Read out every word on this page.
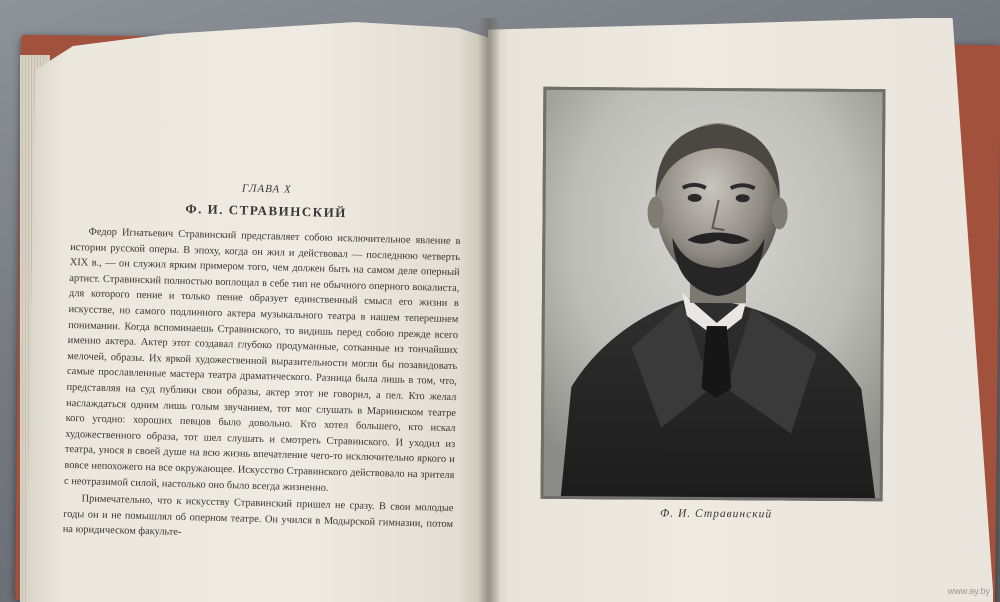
ГЛАВА X

Ф. И. СТРАВИНСКИЙ

Федор Игнатьевич Стравинский представляет собою исключительное явление в истории русской оперы. В эпоху, когда он жил и действовал — последнюю четверть XIX в., — он служил ярким примером того, чем должен быть на самом деле оперный артист. Стравинский полностью воплощал в себе тип не обычного оперного вокалиста, для которого пение и только пение образует единственный смысл его жизни в искусстве, но самого подлинного актера музыкального театра в нашем теперешнем понимании. Когда вспоминаешь Стравинского, то видишь перед собою прежде всего именно актера. Актер этот создавал глубоко продуманные, сотканные из тончайших мелочей, образы. Их яркой художественной выразительности могли бы позавидовать самые прославленные мастера театра драматического. Разница была лишь в том, что, представляя на суд публики свои образы, актер этот не говорил, а пел. Кто желал наслаждаться одним лишь голым звучанием, тот мог слушать в Мариинском театре кого угодно: хороших певцов было довольно. Кто хотел большего, кто искал художественного образа, тот шел слушать и смотреть Стравинского. И уходил из театра, унося в своей душе на всю жизнь впечатление чего-то исключительно яркого и вовсе непохожего на все окружающее. Искусство Стравинского действовало на зрителя с неотразимой силой, настолько оно было всегда жизненно.

Примечательно, что к искусству Стравинский пришел не сразу. В свои молодые годы он и не помышлял об оперном театре. Он учился в Модырской гимназии, потом на юридическом факульте-

Ф. И. Стравинский
www.ay.by
